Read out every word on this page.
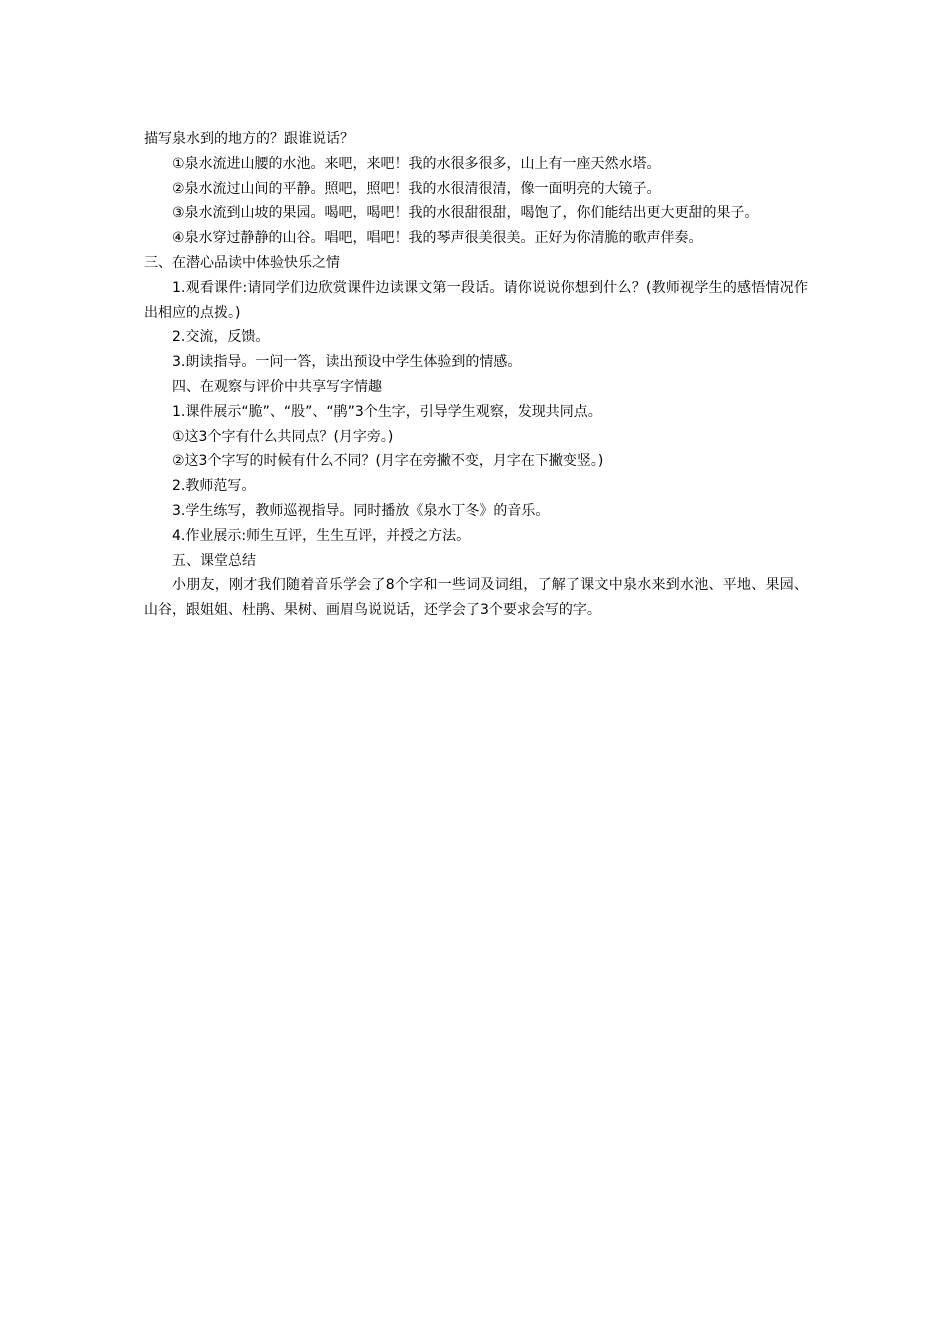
描写泉水到的地方的？跟谁说话？

①泉水流进山腰的水池。来吧，来吧！我的水很多很多，山上有一座天然水塔。

②泉水流过山间的平静。照吧，照吧！我的水很清很清，像一面明亮的大镜子。

③泉水流到山坡的果园。喝吧，喝吧！我的水很甜很甜，喝饱了，你们能结出更大更甜的果子。

④泉水穿过静静的山谷。唱吧，唱吧！我的琴声很美很美。正好为你清脆的歌声伴奏。

三、在潜心品读中体验快乐之情

1.观看课件:请同学们边欣赏课件边读课文第一段话。请你说说你想到什么？(教师视学生的感悟情况作出相应的点拨。)

2.交流，反馈。

3.朗读指导。一问一答，读出预设中学生体验到的情感。

四、在观察与评价中共享写字情趣

1.课件展示“脆”、“股”、“鹃”3个生字，引导学生观察，发现共同点。

①这3个字有什么共同点？(月字旁。)

②这3个字写的时候有什么不同？(月字在旁撇不变，月字在下撇变竖。)

2.教师范写。

3.学生练写，教师巡视指导。同时播放《泉水丁冬》的音乐。

4.作业展示:师生互评，生生互评，并授之方法。

五、课堂总结

小朋友，刚才我们随着音乐学会了8个字和一些词及词组，了解了课文中泉水来到水池、平地、果园、山谷，跟姐姐、杜鹃、果树、画眉鸟说说话，还学会了3个要求会写的字。
